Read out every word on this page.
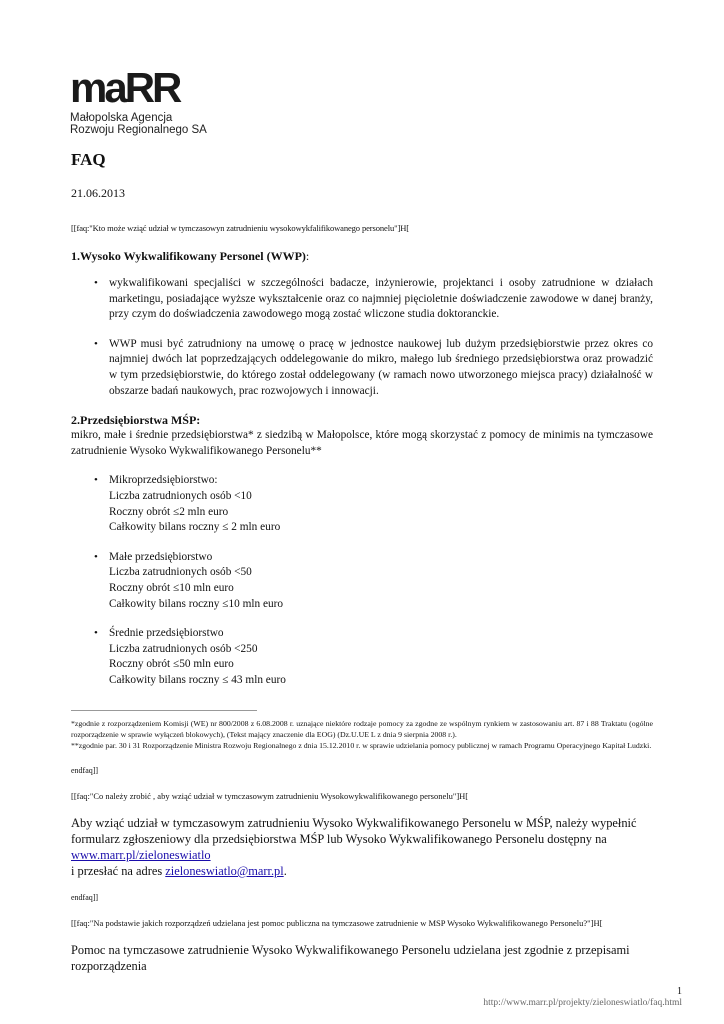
maRR
Małopolska Agencja
Rozwoju Regionalnego SA
FAQ
21.06.2013
[[faq:"Kto może wziąć udział w tymczasowyn zatrudnieniu wysokowykfalifikowanego personelu"]H[
1.Wysoko Wykwalifikowany Personel (WWP):
• wykwalifikowani specjaliści w szczególności badacze, inżynierowie, projektanci i osoby zatrudnione w działach marketingu, posiadające wyższe wykształcenie oraz co najmniej pięcioletnie doświadczenie zawodowe w danej branży, przy czym do doświadczenia zawodowego mogą zostać wliczone studia doktoranckie.
• WWP musi być zatrudniony na umowę o pracę w jednostce naukowej lub dużym przedsiębiorstwie przez okres co najmniej dwóch lat poprzedzających oddelegowanie do mikro, małego lub średniego przedsiębiorstwa oraz prowadzić w tym przedsiębiorstwie, do którego został oddelegowany (w ramach nowo utworzonego miejsca pracy) działalność w obszarze badań naukowych, prac rozwojowych i innowacji.
2.Przedsiębiorstwa MŚP:

mikro, małe i średnie przedsiębiorstwa* z siedzibą w Małopolsce, które mogą skorzystać z pomocy de minimis na tymczasowe zatrudnienie Wysoko Wykwalifikowanego Personelu**

• Mikroprzedsiębiorstwo:
Liczba zatrudnionych osób <10
Roczny obrót ≤2 mln euro
Całkowity bilans roczny ≤ 2 mln euro
• Małe przedsiębiorstwo
Liczba zatrudnionych osób <50
Roczny obrót ≤10 mln euro
Całkowity bilans roczny ≤10 mln euro
• Średnie przedsiębiorstwo
Liczba zatrudnionych osób <250
Roczny obrót ≤50 mln euro
Całkowity bilans roczny ≤ 43 mln euro

*zgodnie z rozporządzeniem Komisji (WE) nr 800/2008 z 6.08.2008 r. uznające niektóre rodzaje pomocy za zgodne ze wspólnym rynkiem w zastosowaniu art. 87 i 88 Traktatu (ogólne rozporządzenie w sprawie wyłączeń blokowych), (Tekst mający znaczenie dla EOG) (Dz.U.UE L z dnia 9 sierpnia 2008 r.).

**zgodnie par. 30 i 31 Rozporządzenie Ministra Rozwoju Regionalnego z dnia 15.12.2010 r. w sprawie udzielania pomocy publicznej w ramach Programu Operacyjnego Kapitał Ludzki.

endfaq]]

[[faq:"Co należy zrobić , aby wziąć udział w tymczasowym zatrudnieniu Wysokowykwalifikowanego personelu"]H[

Aby wziąć udział w tymczasowym zatrudnieniu Wysoko Wykwalifikowanego Personelu w MŚP, należy wypełnić formularz zgłoszeniowy dla przedsiębiorstwa MŚP lub Wysoko Wykwalifikowanego Personelu dostępny na www.marr.pl/zieloneswiatlo
i przesłać na adres zieloneswiatlo@marr.pl.

endfaq]]

[[faq:"Na podstawie jakich rozporządzeń udzielana jest pomoc publiczna na tymczasowe zatrudnienie w MSP Wysoko Wykwalifikowanego Personelu?"]H[

Pomoc na tymczasowe zatrudnienie Wysoko Wykwalifikowanego Personelu udzielana jest zgodnie z przepisami rozporządzenia

1
http://www.marr.pl/projekty/zieloneswiatlo/faq.html
